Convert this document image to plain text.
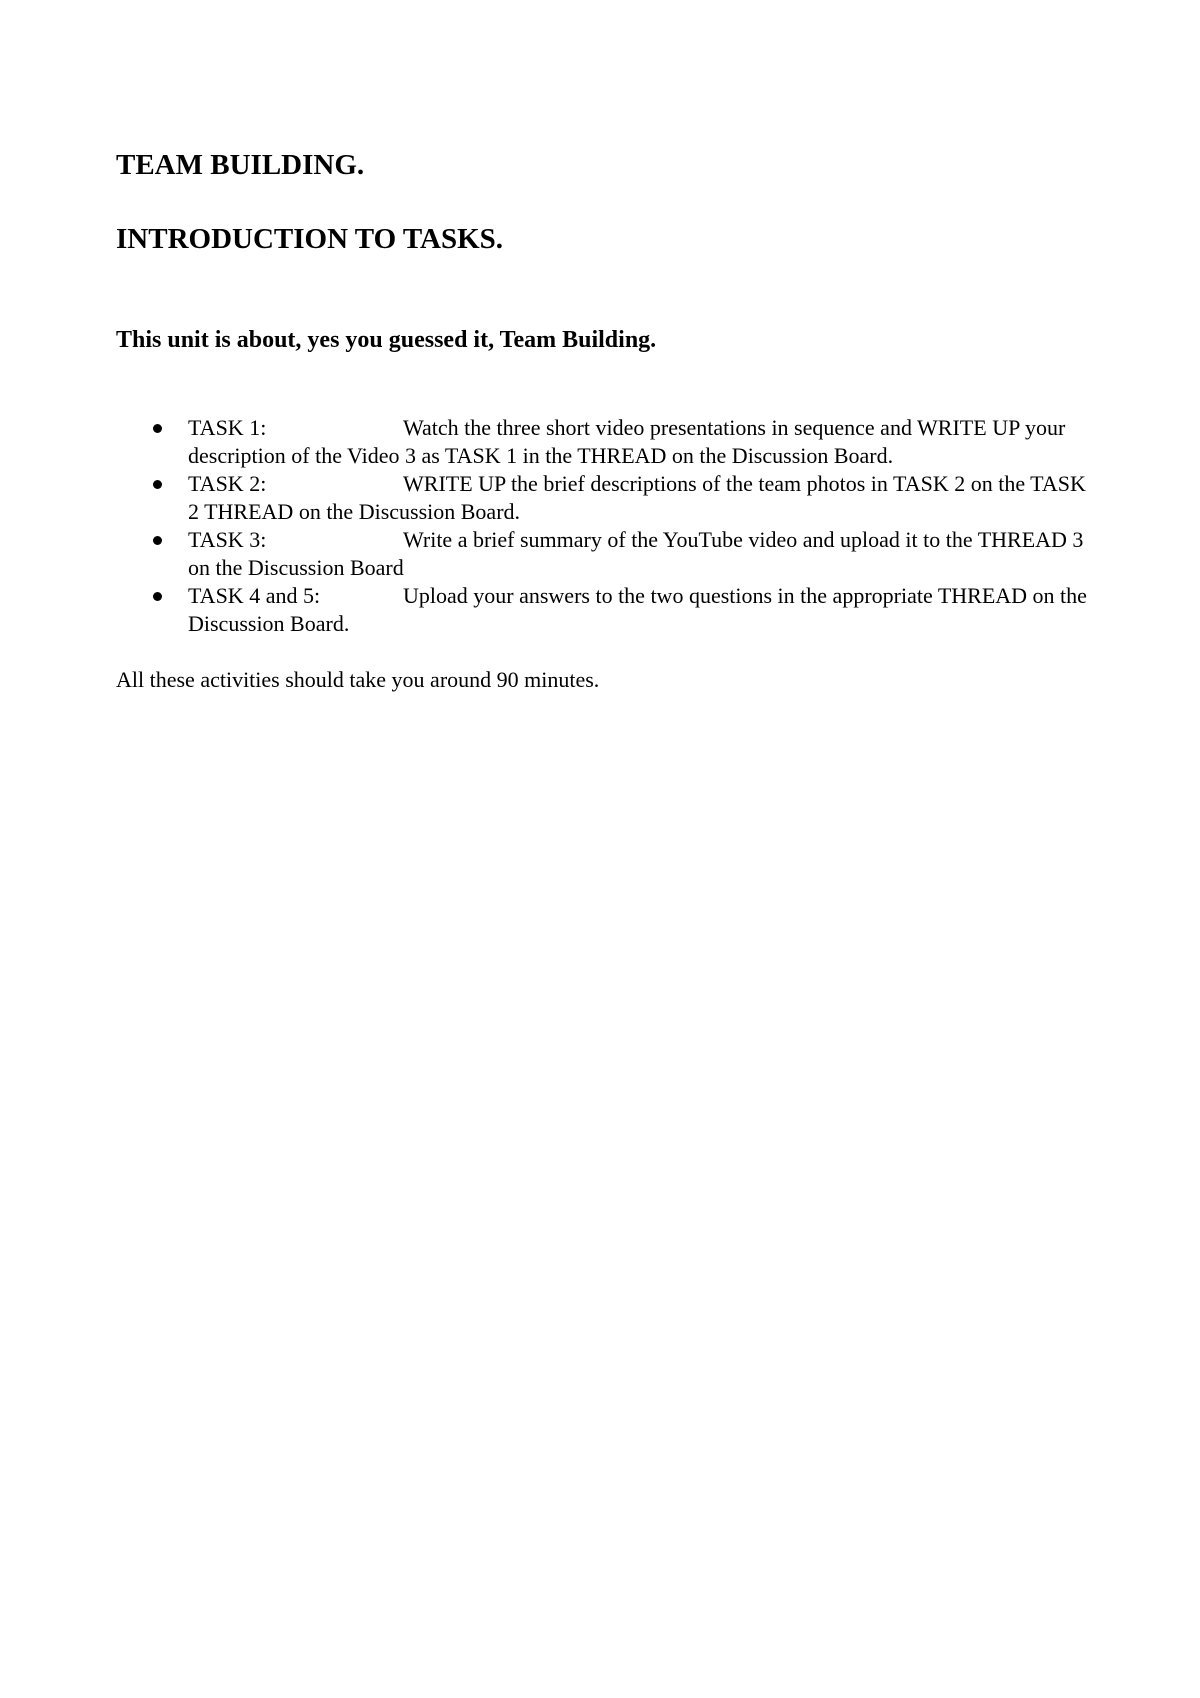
TEAM BUILDING.
INTRODUCTION TO TASKS.

This unit is about, yes you guessed it, Team Building.

TASK 1:	Watch the three short video presentations in sequence and WRITE UP your description of the Video 3 as TASK 1 in the THREAD on the Discussion Board.

TASK 2:	WRITE UP the brief descriptions of the team photos in TASK 2 on the TASK 2 THREAD on the Discussion Board.

TASK 3:	Write a brief summary of the YouTube video and upload it to the THREAD 3 on the Discussion Board

TASK 4 and 5:	Upload your answers to the two questions in the appropriate THREAD on the Discussion Board.

All these activities should take you around 90 minutes.
